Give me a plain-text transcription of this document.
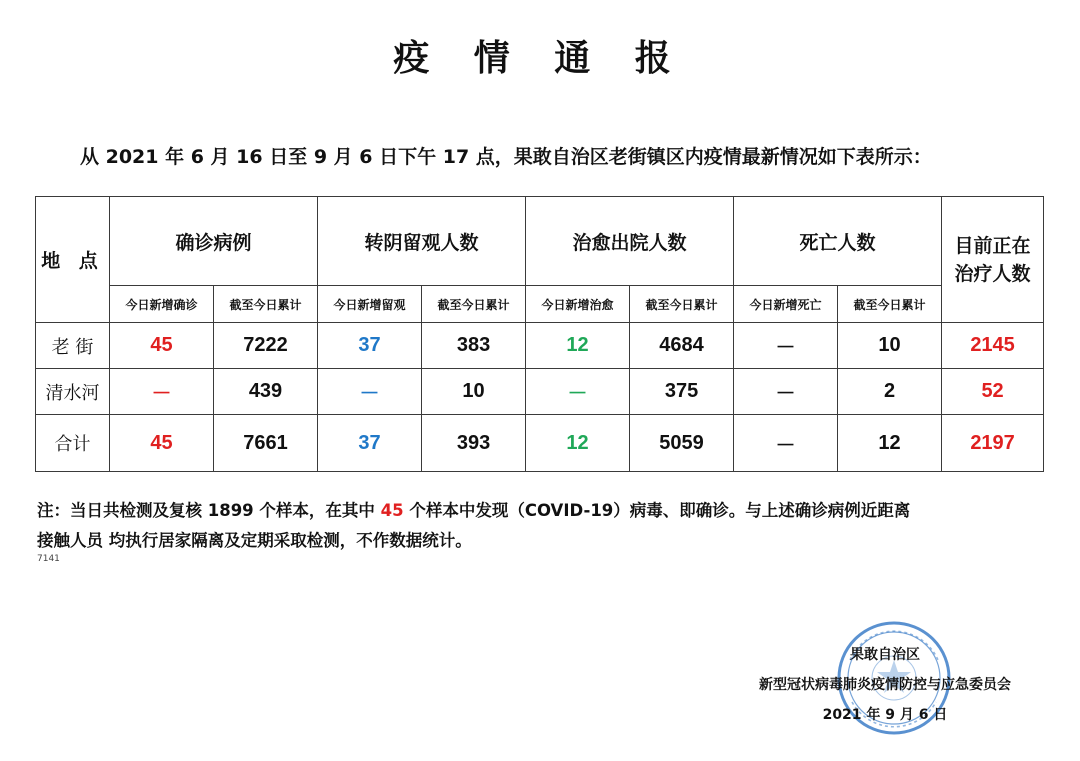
疫 情 通 报
从 2021 年 6 月 16 日至 9 月 6 日下午 17 点，果敢自治区老街镇区内疫情最新情况如下表所示：
地 点	确诊病例		转阴留观人数		治愈出院人数		死亡人数		目前正在
治疗人数

	今日新增确诊	截至今日累计	今日新增留观	截至今日累计	今日新增治愈	截至今日累计	今日新增死亡	截至今日累计	
老 街	45	7222	37	383	12	4684	－	10	2145
清水河	－	439	－	10	－	375	－	2	52
合计	45	7661	37	393	12	5059	－	12	2197
注：当日共检测及复核 1899 个样本，在其中 45 个样本中发现（COVID-19）病毒、即确诊。与上述确诊病例近距离
接触人员 均执行居家隔离及定期采取检测，不作数据统计。
7141
果敢自治区
新型冠状病毒肺炎疫情防控与应急委员会
2021 年 9 月 6 日
